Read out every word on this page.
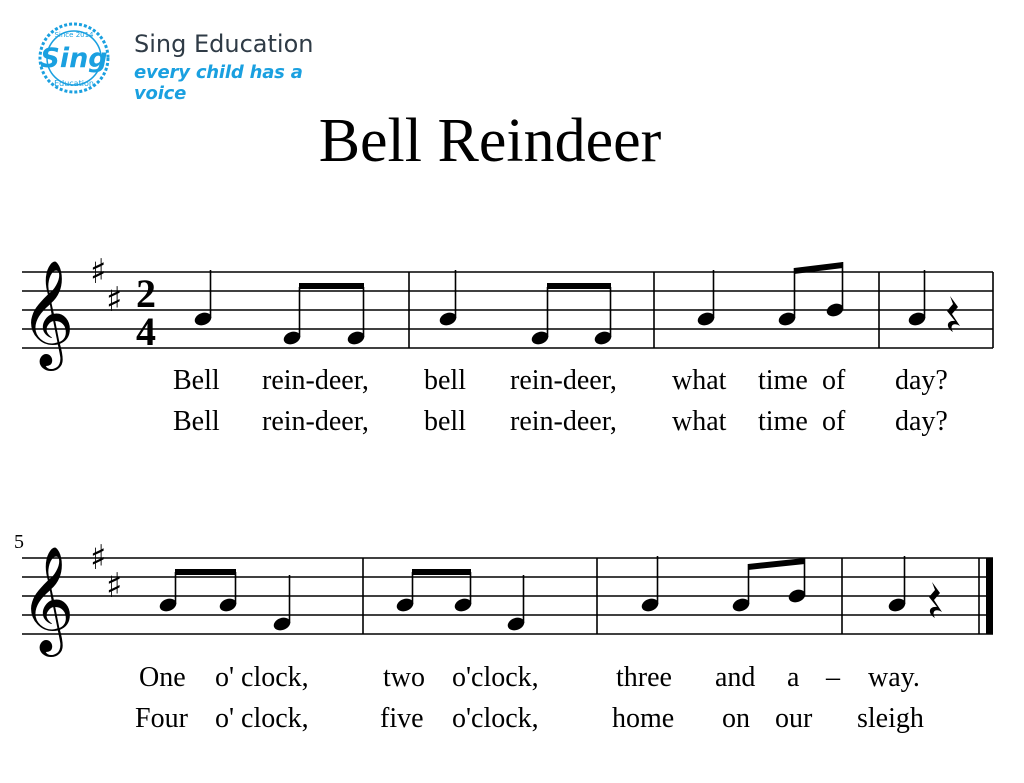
Since 2014
Sing
Education
Sing Education
every child has a voice
Bell Reindeer
𝄞 ♯
♯ 2
4
Bell rein-deer, bell rein-deer, what time of day?
Bell rein-deer, bell rein-deer, what time of day?
5
𝄞 ♯
♯
One o' clock,	two o'clock,	three and a – way.
Four o' clock,	five o'clock,	home on our sleigh
